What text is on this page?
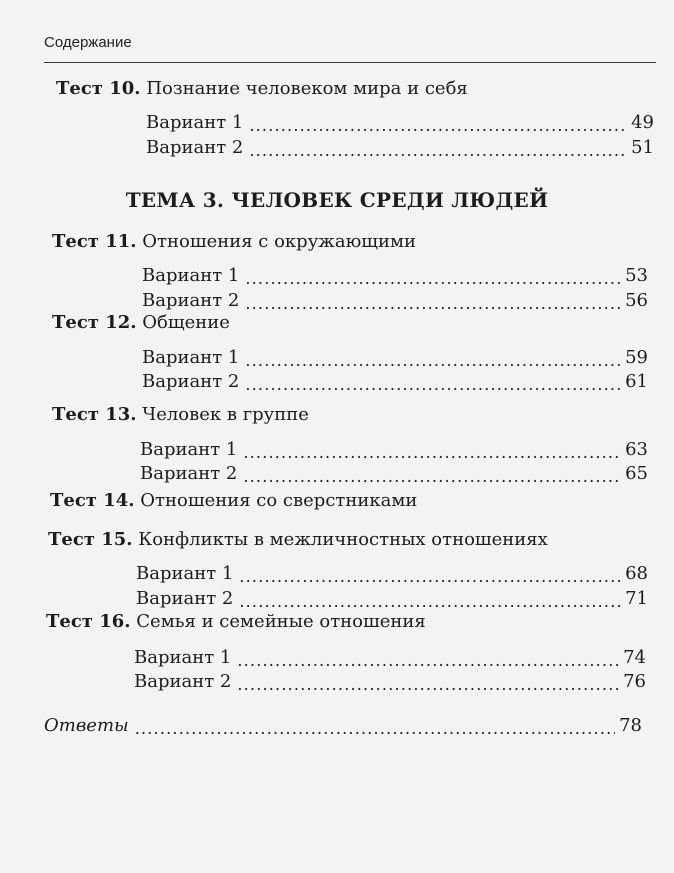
Содержание
Тест 10. Познание человеком мира и себя
Вариант 1 .....	49
Вариант 2 .....	51
ТЕМА 3. ЧЕЛОВЕК СРЕДИ ЛЮДЕЙ
Тест 11. Отношения с окружающими
Вариант 1 .....	53
Вариант 2 .....	56
Тест 12. Общение
Вариант 1 .....	59
Вариант 2 .....	61
Тест 13. Человек в группе
Вариант 1 .....	63
Вариант 2 .....	65
Тест 14. Отношения со сверстниками
Тест 15. Конфликты в межличностных отношениях
Вариант 1 .....	68
Вариант 2 .....	71
Тест 16. Семья и семейные отношения
Вариант 1 .....	74
Вариант 2 .....	76
Ответы .....	78
